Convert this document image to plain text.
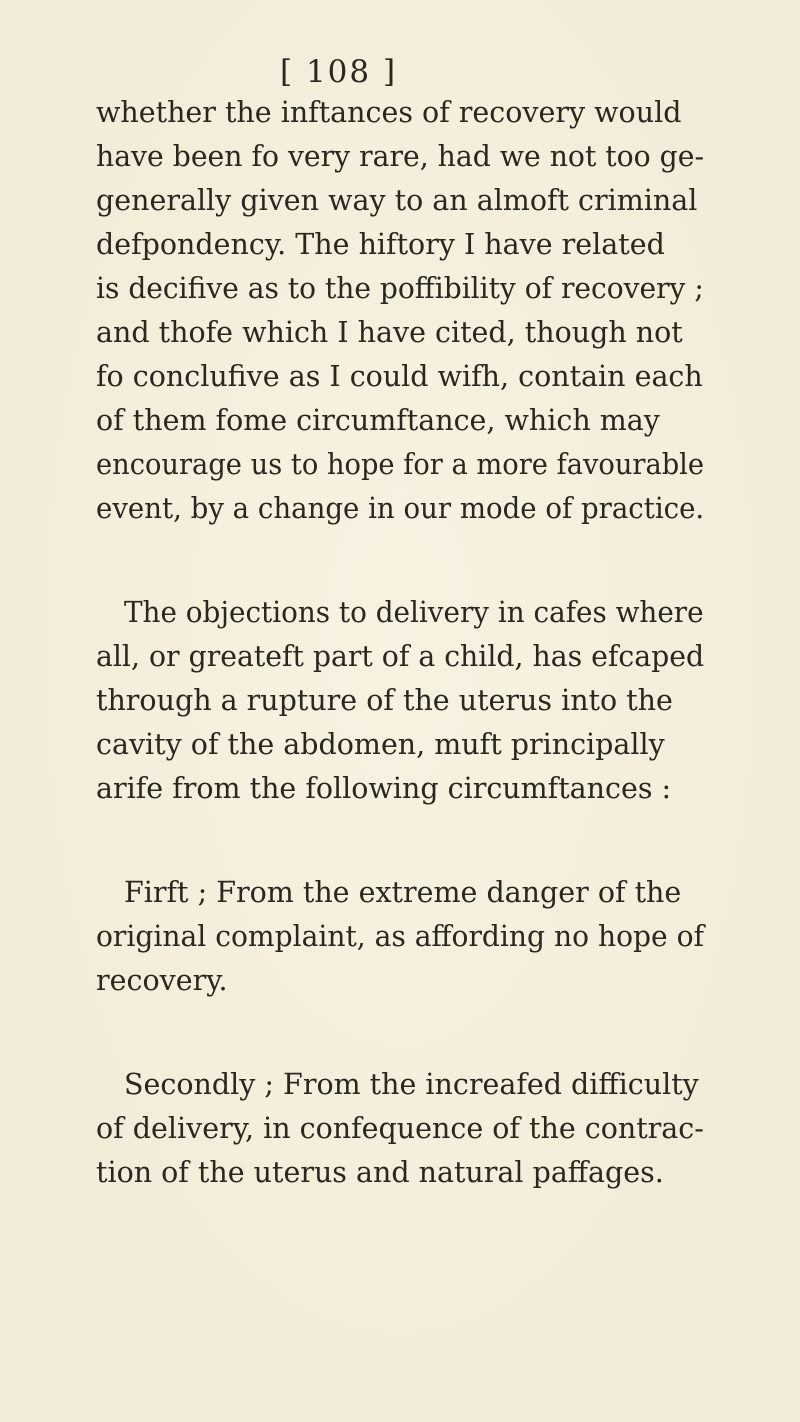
[ 108 ]
whether the inftances of recovery would
have been fo very rare, had we not too ge-
generally given way to an almoft criminal
defpondency. The hiftory I have related
is decifive as to the poffibility of recovery ;
and thofe which I have cited, though not
fo conclufive as I could wifh, contain each
of them fome circumftance, which may
encourage us to hope for a more favourable
event, by a change in our mode of practice.
The objections to delivery in cafes where
all, or greateft part of a child, has efcaped
through a rupture of the uterus into the
cavity of the abdomen, muft principally
arife from the following circumftances :
Firft ; From the extreme danger of the
original complaint, as affording no hope of
recovery.
Secondly ; From the increafed difficulty
of delivery, in confequence of the contrac-
tion of the uterus and natural paffages.
